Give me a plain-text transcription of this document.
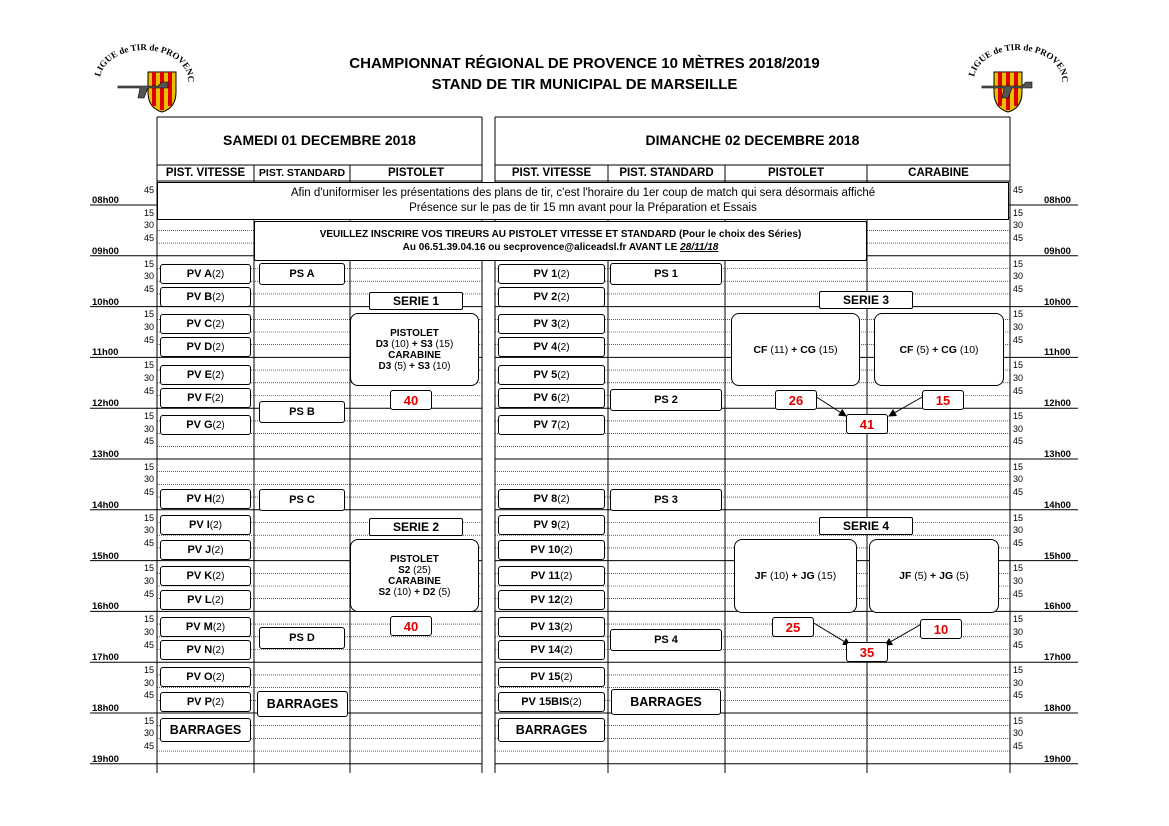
CHAMPIONNAT RÉGIONAL DE PROVENCE 10 MÈTRES 2018/2019
STAND DE TIR MUNICIPAL DE MARSEILLE
LIGUE de TIR de PROVENC
LIGUE de TIR de PROVENC
SAMEDI 01 DECEMBRE 2018	DIMANCHE 02 DECEMBRE 2018
PIST. VITESSE	PIST. STANDARD	PISTOLET	PIST. VITESSE	PIST. STANDARD	PISTOLET	CARABINE
08h00	08h00
09h00	09h00
15	15
30	30
45	45
10h00	10h00
15	15
30	30
45	45
11h00	11h00
15	15
30	30
45	45
12h00	12h00
15	15
30	30
45	45
13h00	13h00
15	15
30	30
45	45
14h00	14h00
15	15
30	30
45	45
15h00	15h00
15	15
30	30
45	45
16h00	16h00
15	15
30	30
45	45
17h00	17h00
15	15
30	30
45	45
18h00	18h00
15	15
30	30
45	45
19h00	19h00
15	15
30	30
45	45
45	45
Afin d'uniformiser les présentations des plans de tir, c'est l'horaire du 1er coup de match qui sera désormais affiché
Présence sur le pas de tir 15 mn avant pour la Préparation et Essais
VEUILLEZ INSCRIRE VOS TIREURS AU PISTOLET VITESSE ET STANDARD (Pour le choix des Séries)
Au 06.51.39.04.16 ou secprovence@aliceadsl.fr AVANT LE 28/11/18
PV A (2)
PV B (2)
PV C (2)
PV D (2)
PV E (2)
PV F (2)
PV G (2)
PV H (2)
PV I (2)
PV J (2)
PV K (2)
PV L (2)
PV M (2)
PV N (2)
PV O (2)
PV P (2)
PV 1 (2)
PV 2 (2)
PV 3 (2)
PV 4 (2)
PV 5 (2)
PV 6 (2)
PV 7 (2)
PV 8 (2)
PV 9 (2)
PV 10 (2)
PV 11 (2)
PV 12 (2)
PV 13 (2)
PV 14 (2)
PV 15 (2)
PV 15BIS (2)
PS A
PS B
PS C
PS D
PS 1
PS 2
PS 3
PS 4
BARRAGES
BARRAGES
BARRAGES
BARRAGES
SERIE 1
SERIE 2
SERIE 3
SERIE 4
PISTOLET
D3 (10) + S3 (15)
CARABINE
D3 (5) + S3 (10)
PISTOLET
S2 (25)
CARABINE
S2 (10) + D2 (5)
CF (11) + CG (15)	CF (5) + CG (10)
JF (10) + JG (15)	JF (5) + JG (5)
40
40
26	15
41
25	10
35
